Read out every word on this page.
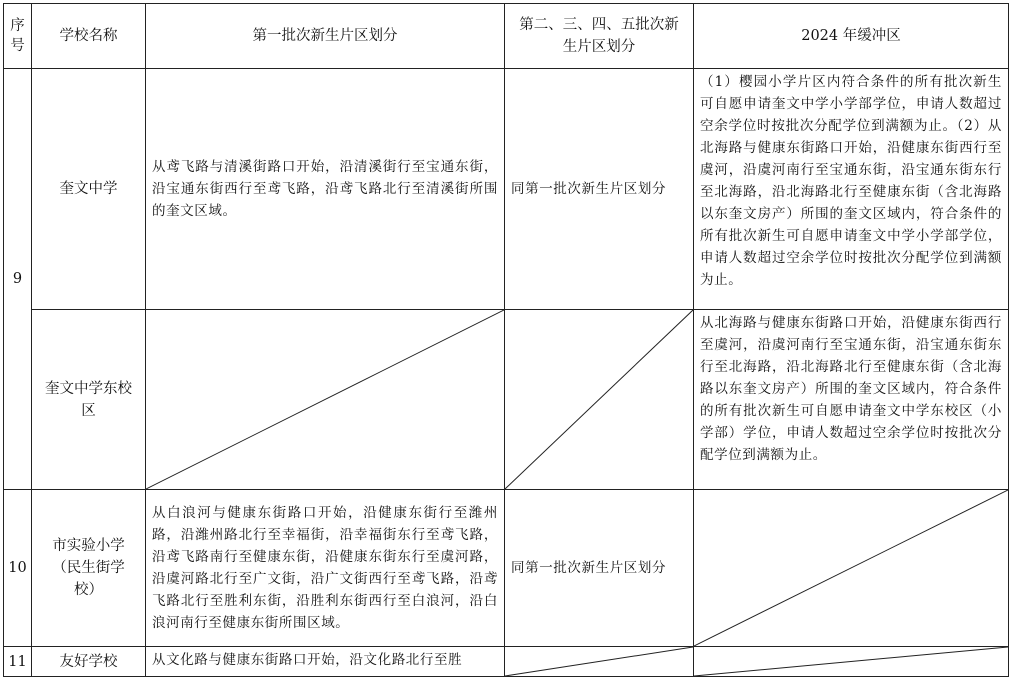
序号	学校名称	第一批次新生片区划分	第二、三、四、五批次新生片区划分	2024 年缓冲区
9	奎文中学	从鸢飞路与清溪街路口开始，沿清溪街行至宝通东街，沿宝通东街西行至鸢飞路，沿鸢飞路北行至清溪街所围的奎文区域。	同第一批次新生片区划分	（1）樱园小学片区内符合条件的所有批次新生可自愿申请奎文中学小学部学位，申请人数超过空余学位时按批次分配学位到满额为止。（2）从北海路与健康东街路口开始，沿健康东街西行至虞河，沿虞河南行至宝通东街，沿宝通东街东行至北海路，沿北海路北行至健康东街（含北海路以东奎文房产）所围的奎文区域内，符合条件的所有批次新生可自愿申请奎文中学小学部学位，申请人数超过空余学位时按批次分配学位到满额为止。

	奎文中学东校区			从北海路与健康东街路口开始，沿健康东街西行至虞河，沿虞河南行至宝通东街，沿宝通东街东行至北海路，沿北海路北行至健康东街（含北海路以东奎文房产）所围的奎文区域内，符合条件的所有批次新生可自愿申请奎文中学东校区（小学部）学位，申请人数超过空余学位时按批次分配学位到满额为止。
10	市实验小学（民生街学校）	从白浪河与健康东街路口开始，沿健康东街行至潍州路，沿潍州路北行至幸福街，沿幸福街东行至鸢飞路，沿鸢飞路南行至健康东街，沿健康东街东行至虞河路，沿虞河路北行至广文街，沿广文街西行至鸢飞路，沿鸢飞路北行至胜利东街，沿胜利东街西行至白浪河，沿白浪河南行至健康东街所围区域。	同第一批次新生片区划分	

11	友好学校	从文化路与健康东街路口开始，沿文化路北行至胜	
